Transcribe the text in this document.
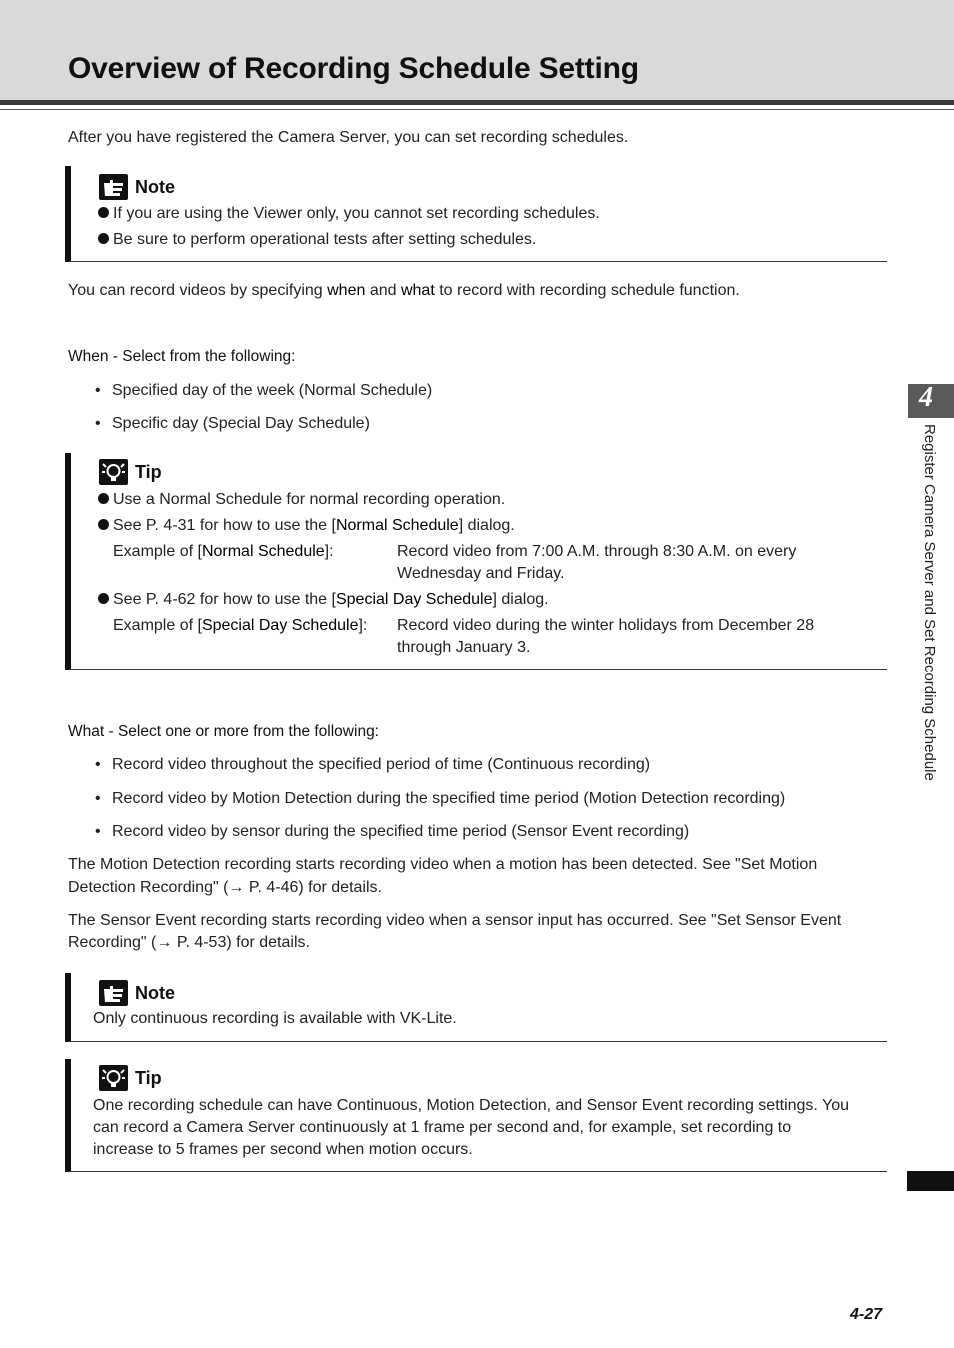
Overview of Recording Schedule Setting

After you have registered the Camera Server, you can set recording schedules.

Note
If you are using the Viewer only, you cannot set recording schedules.
Be sure to perform operational tests after setting schedules.

You can record videos by specifying when and what to record with recording schedule function.

When - Select from the following:

• Specified day of the week (Normal Schedule)
• Specific day (Special Day Schedule)
Tip
Use a Normal Schedule for normal recording operation.
See P. 4-31 for how to use the [Normal Schedule] dialog.
Example of [Normal Schedule]:	Record video from 7:00 A.M. through 8:30 A.M. on every Wednesday and Friday.
See P. 4-62 for how to use the [Special Day Schedule] dialog.
Example of [Special Day Schedule]: Record video during the winter holidays from December 28 through January 3.

What - Select one or more from the following:

• Record video throughout the specified period of time (Continuous recording)
• Record video by Motion Detection during the specified time period (Motion Detection recording)
• Record video by sensor during the specified time period (Sensor Event recording)

The Motion Detection recording starts recording video when a motion has been detected. See "Set Motion

Detection Recording" (→ P. 4-46) for details.

The Sensor Event recording starts recording video when a sensor input has occurred. See "Set Sensor Event

Recording" (→ P. 4-53) for details.

Note
Only continuous recording is available with VK-Lite.
Tip
One recording schedule can have Continuous, Motion Detection, and Sensor Event recording settings. You
can record a Camera Server continuously at 1 frame per second and, for example, set recording to
increase to 5 frames per second when motion occurs.
4
Register Camera Server and Set Recording Schedule
4-27
